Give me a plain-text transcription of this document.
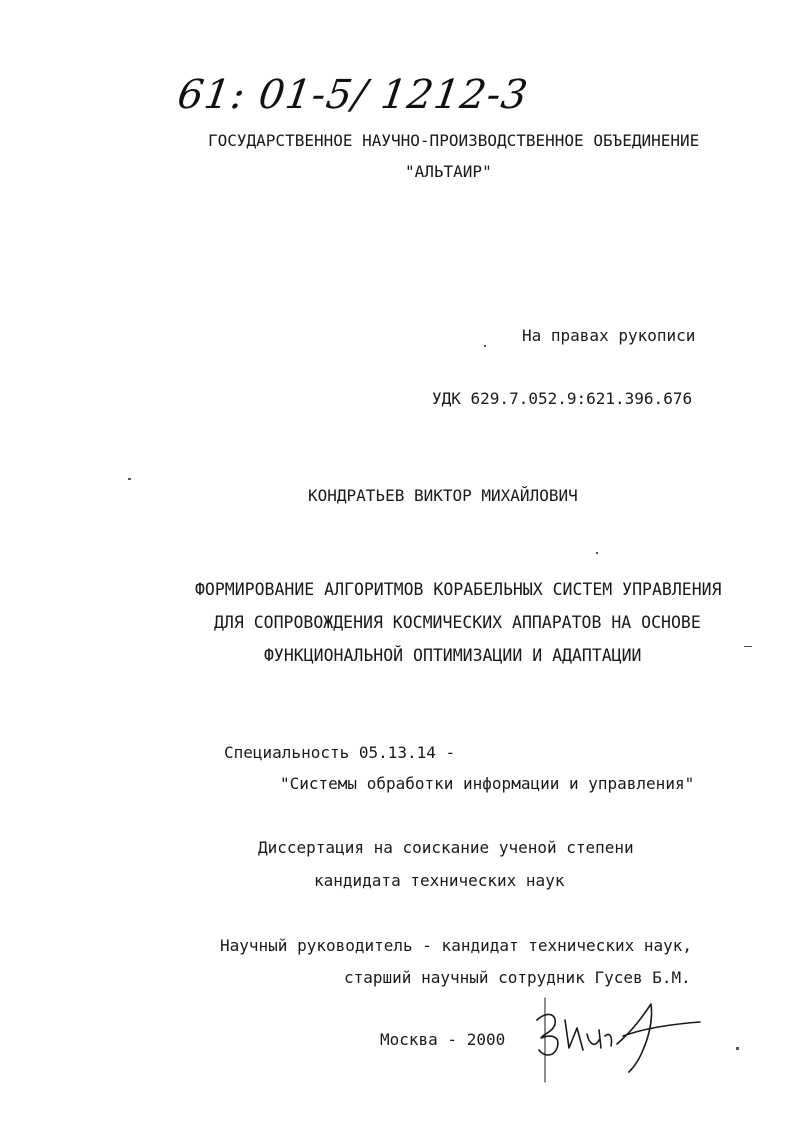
61: 01-5/ 1212-3
ГОСУДАРСТВЕННОЕ НАУЧНО-ПРОИЗВОДСТВЕННОЕ ОБЪЕДИНЕНИЕ
"АЛЬТАИР"
На правах рукописи
УДК 629.7.052.9:621.396.676
КОНДРАТЬЕВ ВИКТОР МИХАЙЛОВИЧ
ФОРМИРОВАНИЕ АЛГОРИТМОВ КОРАБЕЛЬНЫХ СИСТЕМ УПРАВЛЕНИЯ
ДЛЯ СОПРОВОЖДЕНИЯ КОСМИЧЕСКИХ АППАРАТОВ НА ОСНОВЕ
ФУНКЦИОНАЛЬНОЙ ОПТИМИЗАЦИИ И АДАПТАЦИИ
Специальность 05.13.14 -
"Системы обработки информации и управления"
Диссертация на соискание ученой степени
кандидата технических наук
Научный руководитель - кандидат технических наук,
старший научный сотрудник Гусев Б.М.
Москва - 2000
